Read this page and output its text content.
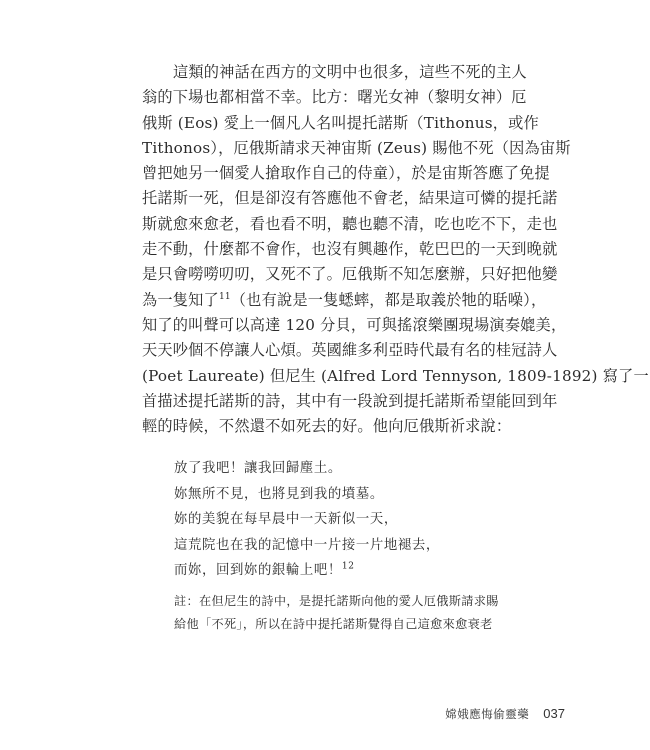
這類的神話在西方的文明中也很多，這些不死的主人
翁的下場也都相當不幸。比方：曙光女神（黎明女神）厄
俄斯 (Eos) 愛上一個凡人名叫提托諾斯（Tithonus，或作
Tithonos），厄俄斯請求天神宙斯 (Zeus) 賜他不死（因為宙斯
曾把她另一個愛人搶取作自己的侍童），於是宙斯答應了免提
托諾斯一死，但是卻沒有答應他不會老，結果這可憐的提托諾
斯就愈來愈老，看也看不明，聽也聽不清，吃也吃不下，走也
走不動，什麼都不會作，也沒有興趣作，乾巴巴的一天到晚就
是只會嘮嘮叨叨，又死不了。厄俄斯不知怎麼辦，只好把他變
為一隻知了$^{11}$（也有說是一隻蟋蟀，都是取義於牠的聒噪），
知了的叫聲可以高達 120 分貝，可與搖滾樂團現場演奏媲美，
天天吵個不停讓人心煩。英國維多利亞時代最有名的桂冠詩人
(Poet Laureate) 但尼生 (Alfred Lord Tennyson, 1809-1892) 寫了一
首描述提托諾斯的詩，其中有一段說到提托諾斯希望能回到年
輕的時候，不然還不如死去的好。他向厄俄斯祈求說：
放了我吧！讓我回歸塵土。
妳無所不見，也將見到我的墳墓。
妳的美貌在每早晨中一天新似一天，
這荒院也在我的記憶中一片接一片地褪去，
而妳，回到妳的銀輪上吧！$^{12}$
註：在但尼生的詩中，是提托諾斯向他的愛人厄俄斯請求賜
給他「不死」，所以在詩中提托諾斯覺得自己這愈來愈衰老
嫦娥應悔偷靈藥 037
